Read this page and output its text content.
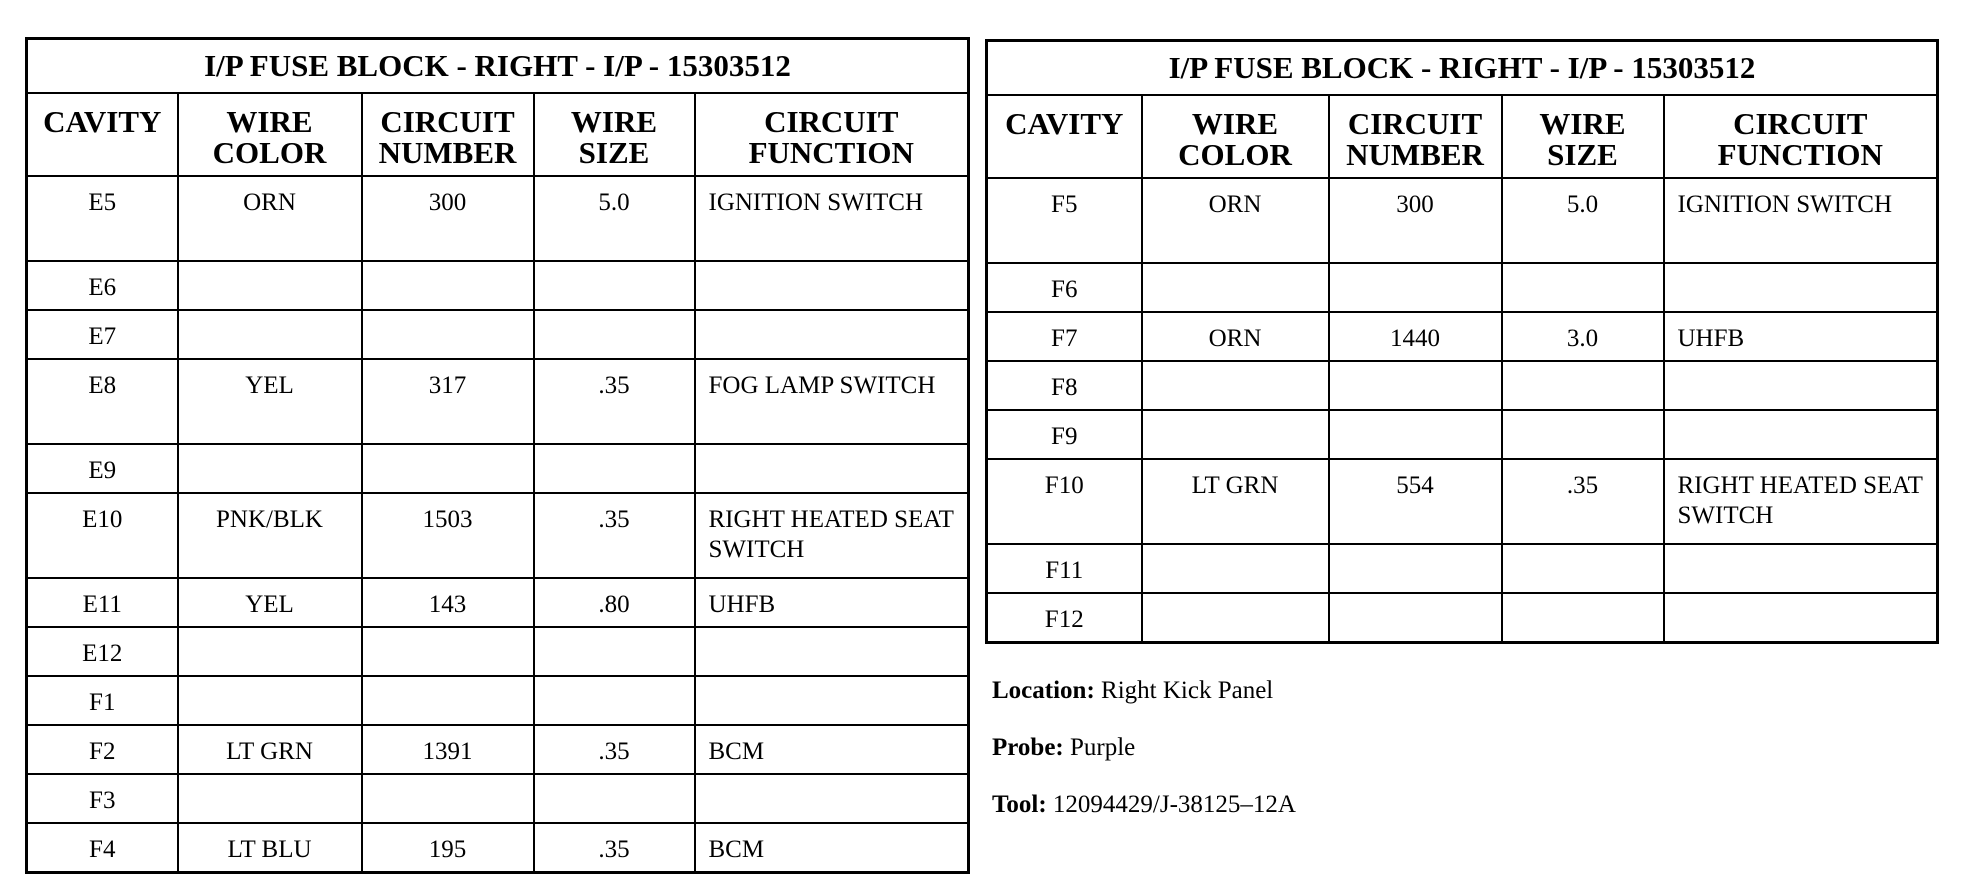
I/P FUSE BLOCK - RIGHT - I/P - 15303512				
CAVITY	WIRE COLOR	CIRCUIT NUMBER	WIRE SIZE	CIRCUIT FUNCTION
E5	ORN	300	5.0	IGNITION SWITCH
E6				
E7				
E8	YEL	317	.35	FOG LAMP SWITCH
E9				
E10	PNK/BLK	1503	.35	RIGHT HEATED SEAT SWITCH
E11	YEL	143	.80	UHFB
E12				
F1				
F2	LT GRN	1391	.35	BCM
F3				
F4	LT BLU	195	.35	BCM
I/P FUSE BLOCK - RIGHT - I/P - 15303512				
CAVITY	WIRE COLOR	CIRCUIT NUMBER	WIRE SIZE	CIRCUIT FUNCTION
F5	ORN	300	5.0	IGNITION SWITCH
F6				
F7	ORN	1440	3.0	UHFB
F8				
F9				
F10	LT GRN	554	.35	RIGHT HEATED SEAT SWITCH
F11				
F12				
Location: Right Kick Panel
Probe: Purple
Tool: 12094429/J-38125–12A
